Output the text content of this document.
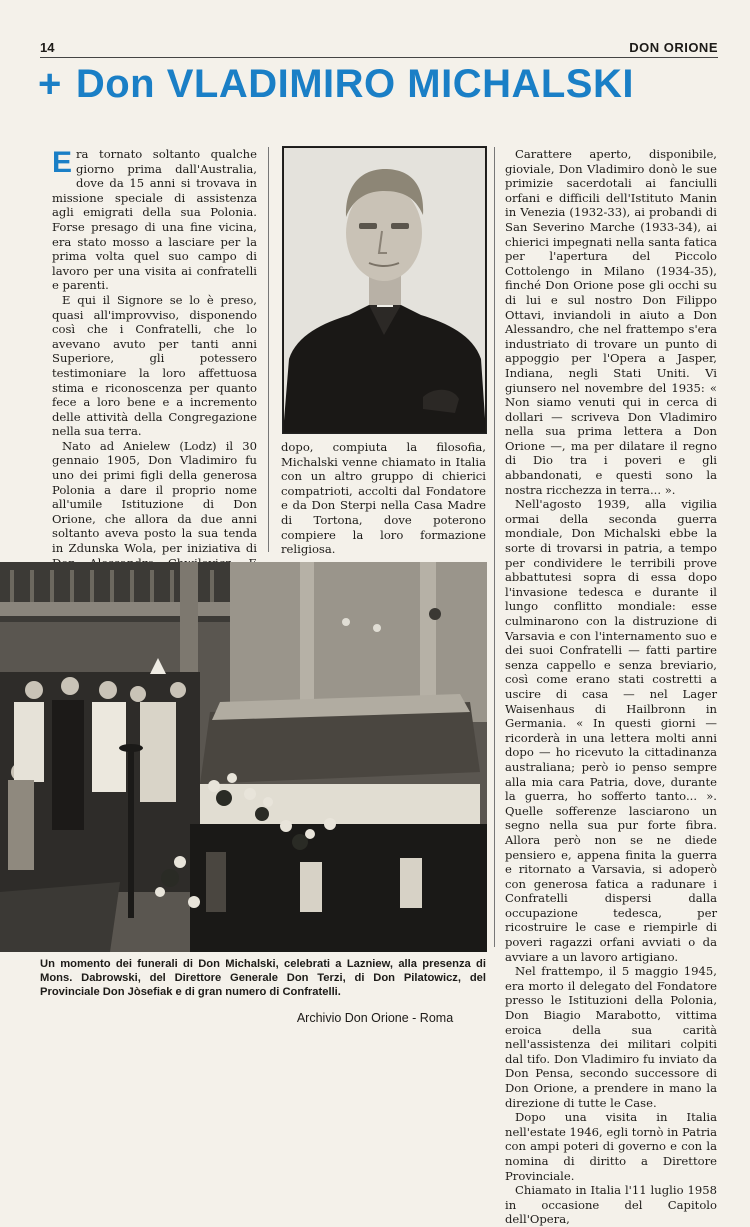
14	DON ORIONE
+ Don VLADIMIRO MICHALSKI

Era tornato soltanto qualche giorno prima dall'Australia, dove da 15 anni si trovava in missione speciale di assistenza agli emigrati della sua Polonia. Forse presago di una fine vicina, era stato mosso a lasciare per la prima volta quel suo campo di lavoro per una visita ai confratelli e parenti.

E qui il Signore se lo è preso, quasi all'improvviso, disponendo così che i Confratelli, che lo avevano avuto per tanti anni Superiore, gli potessero testimoniare la loro affettuosa stima e riconoscenza per quanto fece a loro bene e a incremento delle attività della Congregazione nella sua terra.

Nato ad Anielew (Lodz) il 30 gennaio 1905, Don Vladimiro fu uno dei primi figli della generosa Polonia a dare il proprio nome all'umile Istituzione di Don Orione, che allora da due anni soltanto aveva posto la sua tenda in Zdunska Wola, per iniziativa di

dopo, compiuta la filosofia, Michalski venne chiamato in Italia con un altro gruppo di chierici compatrioti, accolti dal Fondatore e da Don Sterpi nella Casa Madre di Tortona, dove poterono compiere la loro formazione religiosa.

Carattere aperto, disponibile, gioviale, Don Vladimiro donò le sue primizie sacerdotali ai fanciulli orfani e difficili dell'Istituto Manin in Venezia (1932-33), ai probandi di San Severino Marche (1933-34), ai chierici impegnati nella santa fatica per l'apertura del Piccolo Cottolengo in Milano (1934-35), finché Don Orione pose gli occhi su di lui e sul nostro Don Filippo Ottavi, inviandoli in aiuto a Don Alessandro, che nel frattempo s'era industriato di trovare un punto di appoggio per l'Opera a Jasper, Indiana, negli Stati Uniti. Vi giunsero nel novembre del 1935: « Non siamo venuti qui in cerca di dollari — scriveva Don Vladimiro nella sua prima lettera a Don Orione —, ma per dilatare il regno di Dio tra i poveri e gli abbandonati, e questi sono la nostra ricchezza in terra... ».

Nell'agosto 1939, alla vigilia ormai della seconda guerra mondiale, Don Michalski ebbe la sorte di trovarsi in patria, a tempo per condividere le terribili prove abbattutesi sopra di essa dopo l'invasione tedesca e durante il lungo conflitto mondiale: esse culminarono con la distruzione di Varsavia e con l'internamento suo e dei suoi Confratelli — fatti partire senza cappello e senza breviario, così come erano stati costretti a uscire di casa — nel Lager Waisenhaus di Hailbronn in Germania. « In questi giorni — ricorderà in una lettera molti anni dopo — ho ricevuto la cittadinanza australiana; però io penso sempre alla mia cara Patria, dove, durante la guerra, ho sofferto tanto... ». Quelle sofferenze lasciarono un segno nella sua pur forte fibra. Allora però non se ne diede pensiero e, appena finita la guerra e ritornato a Varsavia, si adoperò con generosa fatica a radunare i Confratelli dispersi dalla occupazione tedesca, per ricostruire le case e riempirle di poveri ragazzi orfani avviati o da avviare a un lavoro artigiano.

Nel frattempo, il 5 maggio 1945, era morto il delegato del Fondatore presso le Istituzioni della Polonia, Don Biagio Marabotto, vittima eroica della sua carità nell'assistenza dei militari colpiti dal tifo. Don Vladimiro fu inviato da Don Pensa, secondo successore di Don Orione, a prendere in mano la direzione di tutte le Case.

Dopo una visita in Italia nell'estate 1946, egli tornò in Patria con ampi poteri di governo e con la nomina di diritto a Direttore Provinciale.

Chiamato in Italia l'11 luglio 1958 in occasione del Capitolo dell'Opera,

Un momento dei funerali di Don Michalski, celebrati a Lazniew, alla presenza di Mons. Dabrowski, del Direttore Generale Don Terzi, di Don Pilatowicz, del Provinciale Don Jòsefiak e di gran numero di Confratelli.
Archivio Don Orione - Roma
